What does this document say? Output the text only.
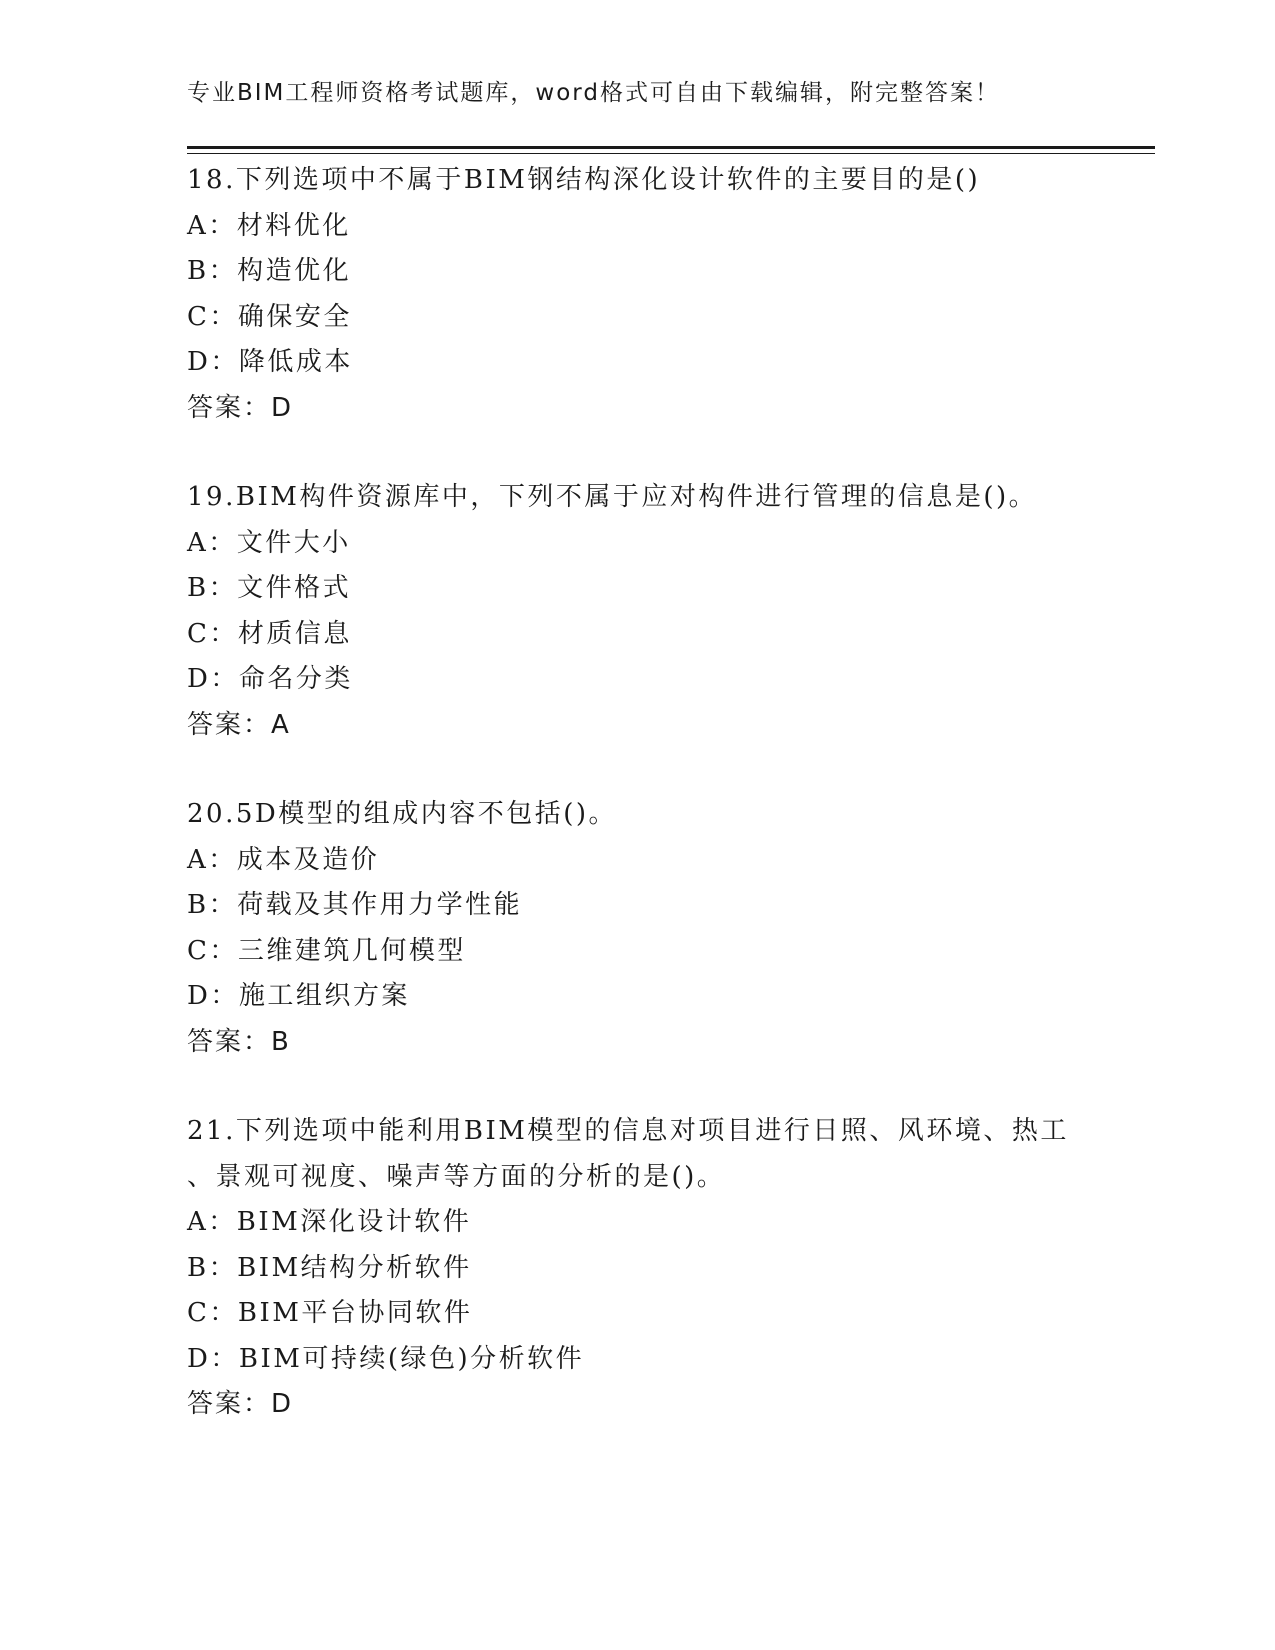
专业BIM工程师资格考试题库，word格式可自由下载编辑，附完整答案！
18.下列选项中不属于BIM钢结构深化设计软件的主要目的是()
A：材料优化
B：构造优化
C：确保安全
D：降低成本
答案：D
19.BIM构件资源库中，下列不属于应对构件进行管理的信息是()。
A：文件大小
B：文件格式
C：材质信息
D：命名分类
答案：A
20.5D模型的组成内容不包括()。
A：成本及造价
B：荷载及其作用力学性能
C：三维建筑几何模型
D：施工组织方案
答案：B
21.下列选项中能利用BIM模型的信息对项目进行日照、风环境、热工
、景观可视度、噪声等方面的分析的是()。
A：BIM深化设计软件
B：BIM结构分析软件
C：BIM平台协同软件
D：BIM可持续(绿色)分析软件
答案：D
